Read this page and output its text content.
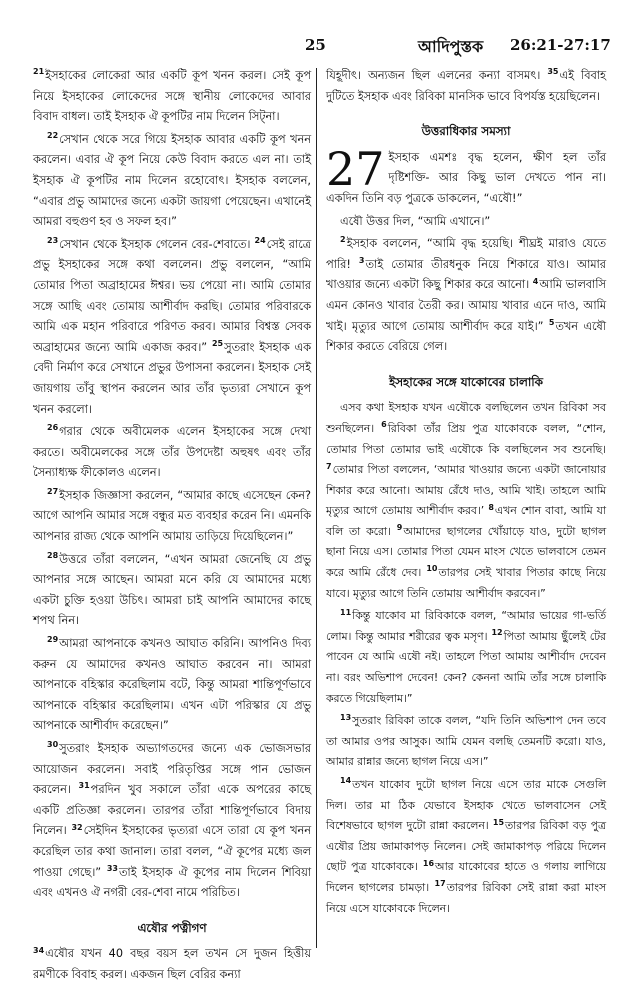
25	আদিপুস্তক 26:21-27:17

$^{21}$ইসহাকের লোকেরা আর একটি কূপ খনন করল। সেই কূপ নিয়ে ইসহাকের লোকেদের সঙ্গে স্থানীয় লোকেদের আবার বিবাদ বাধল। তাই ইসহাক ঐ কূপটির নাম দিলেন সিট্না।

$^{22}$সেখান থেকে সরে গিয়ে ইসহাক আবার একটি কূপ খনন করলেন। এবার ঐ কূপ নিয়ে কেউ বিবাদ করতে এল না। তাই ইসহাক ঐ কূপটির নাম দিলেন রহোবোৎ। ইসহাক বললেন, “এবার প্রভু আমাদের জন্যে একটা জায়গা পেয়েছেন। এখানেই আমরা বহুগুণ হব ও সফল হব।”

$^{23}$সেখান থেকে ইসহাক গেলেন বের-শেবাতে। $^{24}$সেই রাত্রে প্রভু ইসহাকের সঙ্গে কথা বললেন। প্রভু বললেন, “আমি তোমার পিতা অব্রাহামের ঈশ্বর। ভয় পেয়ো না। আমি তোমার সঙ্গে আছি এবং তোমায় আশীর্বাদ করছি। তোমার পরিবারকে আমি এক মহান পরিবারে পরিণত করব। আমার বিশ্বস্ত সেবক অব্রাহামের জন্যে আমি একাজ করব।” $^{25}$সুতরাং ইসহাক এক বেদী নির্মাণ করে সেখানে প্রভুর উপাসনা করলেন। ইসহাক সেই জায়গায় তাঁবু স্থাপন করলেন আর তাঁর ভৃত্যরা সেখানে কূপ খনন করলো।

$^{26}$গরার থেকে অবীমেলক এলেন ইসহাকের সঙ্গে দেখা করতে। অবীমেলকের সঙ্গে তাঁর উপদেষ্টা অহুষৎ এবং তাঁর সৈন্যাধ্যক্ষ ফীকোলও এলেন।

$^{27}$ইসহাক জিজ্ঞাসা করলেন, “আমার কাছে এসেছেন কেন? আগে আপনি আমার সঙ্গে বন্ধুর মত ব্যবহার করেন নি। এমনকি আপনার রাজ্য থেকে আপনি আমায় তাড়িয়ে দিয়েছিলেন।”

$^{28}$উত্তরে তাঁরা বললেন, “এখন আমরা জেনেছি যে প্রভু আপনার সঙ্গে আছেন। আমরা মনে করি যে আমাদের মধ্যে একটা চুক্তি হওয়া উচিৎ। আমরা চাই আপনি আমাদের কাছে শপথ নিন।

$^{29}$আমরা আপনাকে কখনও আঘাত করিনি। আপনিও দিব্য করুন যে আমাদের কখনও আঘাত করবেন না। আমরা আপনাকে বহিস্কার করেছিলাম বটে, কিন্তু আমরা শান্তিপূর্ণভাবে আপনাকে বহিস্কার করেছিলাম। এখন এটা পরিস্কার যে প্রভু আপনাকে আশীর্বাদ করেছেন।”

$^{30}$সুতরাং ইসহাক অভ্যাগতদের জন্যে এক ভোজসভার আয়োজন করলেন। সবাই পরিতৃপ্তির সঙ্গে পান ভোজন করলেন। $^{31}$পরদিন খুব সকালে তাঁরা একে অপরের কাছে একটি প্রতিজ্ঞা করলেন। তারপর তাঁরা শান্তিপূর্ণভাবে বিদায় নিলেন। $^{32}$সেইদিন ইসহাকের ভৃত্যরা এসে তারা যে কূপ খনন করেছিল তার কথা জানাল। তারা বলল, “ঐ কূপের মধ্যে জল পাওয়া গেছে।” $^{33}$তাই ইসহাক ঐ কূপের নাম দিলেন শিবিয়া এবং এখনও ঐ নগরী বের-শেবা নামে পরিচিত।

এষৌর পত্নীগণ

$^{34}$এষৌর যখন 40 বছর বয়স হল তখন সে দুজন হিত্তীয় রমণীকে বিবাহ করল। একজন ছিল বেরির কন্যা

যিহূদীৎ। অন্যজন ছিল এলনের কন্যা বাসমৎ। $^{35}$এই বিবাহ দুটিতে ইসহাক এবং রিবিকা মানসিক ভাবে বিপর্যস্ত হয়েছিলেন।

উত্তরাধিকার সমস্যা

27 ইসহাক এমশঃ বৃদ্ধ হলেন, ক্ষীণ হল তাঁর দৃষ্টিশক্তি- আর কিছু ভাল দেখতে পান না। একদিন তিনি বড় পুত্রকে ডাকলেন, “এষৌ!”

এষৌ উত্তর দিল, “আমি এখানে।”

$^2$ইসহাক বললেন, “আমি বৃদ্ধ হয়েছি। শীঘ্রই মারাও যেতে পারি! $^3$তাই তোমার তীরধনুক নিয়ে শিকারে যাও। আমার খাওয়ার জন্যে একটা কিছু শিকার করে আনো। $^4$আমি ভালবাসি এমন কোনও খাবার তৈরী কর। আমায় খাবার এনে দাও, আমি খাই। মৃত্যুর আগে তোমায় আশীর্বাদ করে যাই।” $^5$তখন এষৌ শিকার করতে বেরিয়ে গেল।

ইসহাকের সঙ্গে যাকোবের চালাকি

এসব কথা ইসহাক যখন এষৌকে বলছিলেন তখন রিবিকা সব শুনছিলেন। $^6$রিবিকা তাঁর প্রিয় পুত্র যাকোবকে বলল, “শোন, তোমার পিতা তোমার ভাই এষৌকে কি বলছিলেন সব শুনেছি। $^7$তোমার পিতা বললেন, ‘আমার খাওয়ার জন্যে একটা জানোয়ার শিকার করে আনো। আমায় রেঁধে দাও, আমি খাই। তাহলে আমি মৃত্যুর আগে তোমায় আশীর্বাদ করব।’ $^8$এখন শোন বাবা, আমি যা বলি তা করো। $^9$আমাদের ছাগলের খোঁয়াড়ে যাও, দুটো ছাগল ছানা নিয়ে এস। তোমার পিতা যেমন মাংস খেতে ভালবাসে তেমন করে আমি রেঁধে দেব। $^{10}$তারপর সেই খাবার পিতার কাছে নিয়ে যাবে। মৃত্যুর আগে তিনি তোমায় আশীর্বাদ করবেন।”

$^{11}$কিন্তু যাকোব মা রিবিকাকে বলল, “আমার ভায়ের গা-ভর্তি লোম। কিন্তু আমার শরীরের ত্বক মসৃণ। $^{12}$পিতা আমায় ছুঁলেই টের পাবেন যে আমি এষৌ নই। তাহলে পিতা আমায় আশীর্বাদ দেবেন না। বরং অভিশাপ দেবেন! কেন? কেননা আমি তাঁর সঙ্গে চালাকি করতে গিয়েছিলাম।”

$^{13}$সুতরাং রিবিকা তাকে বলল, “যদি তিনি অভিশাপ দেন তবে তা আমার ওপর আসুক। আমি যেমন বলছি তেমনটি করো। যাও, আমার রান্নার জন্যে ছাগল নিয়ে এস।”

$^{14}$তখন যাকোব দুটো ছাগল নিয়ে এসে তার মাকে সেগুলি দিল। তার মা ঠিক যেভাবে ইসহাক খেতে ভালবাসেন সেই বিশেষভাবে ছাগল দুটো রান্না করলেন। $^{15}$তারপর রিবিকা বড় পুত্র এষৌর প্রিয় জামাকাপড় নিলেন। সেই জামাকাপড় পরিয়ে দিলেন ছোট পুত্র যাকোবকে। $^{16}$আর যাকোবের হাতে ও গলায় লাগিয়ে দিলেন ছাগলের চামড়া। $^{17}$তারপর রিবিকা সেই রান্না করা মাংস নিয়ে এসে যাকোবকে দিলেন।
